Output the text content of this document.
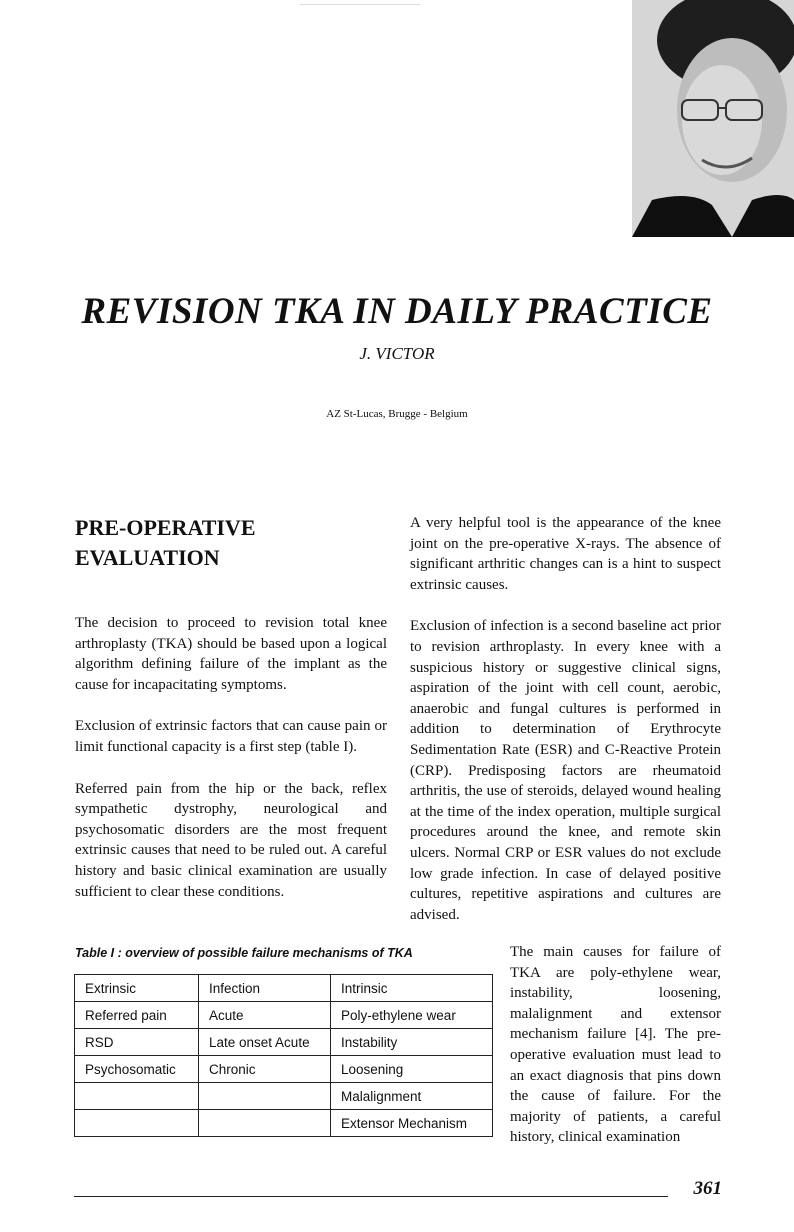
REVISION TKA IN DAILY PRACTICE
J. VICTOR
AZ St-Lucas, Brugge - Belgium
PRE-OPERATIVE
EVALUATION

The decision to proceed to revision total knee arthroplasty (TKA) should be based upon a logical algorithm defining failure of the implant as the cause for incapacitating symptoms.

Exclusion of extrinsic factors that can cause pain or limit functional capacity is a first step (table I).

Referred pain from the hip or the back, reflex sympathetic dystrophy, neurological and psychosomatic disorders are the most frequent extrinsic causes that need to be ruled out. A careful history and basic clinical examination are usually sufficient to clear these conditions.

A very helpful tool is the appearance of the knee joint on the pre-operative X-rays. The absence of significant arthritic changes can is a hint to suspect extrinsic causes.

Exclusion of infection is a second baseline act prior to revision arthroplasty. In every knee with a suspicious history or suggestive clinical signs, aspiration of the joint with cell count, aerobic, anaerobic and fungal cultures is performed in addition to determination of Erythrocyte Sedimentation Rate (ESR) and C-Reactive Protein (CRP). Predisposing factors are rheumatoid arthritis, the use of steroids, delayed wound healing at the time of the index operation, multiple surgical procedures around the knee, and remote skin ulcers. Normal CRP or ESR values do not exclude low grade infection. In case of delayed positive cultures, repetitive aspirations and cultures are advised.

Table I : overview of possible failure mechanisms of TKA
Extrinsic	Infection	Intrinsic
Referred pain	Acute	Poly-ethylene wear
RSD	Late onset Acute	Instability
Psychosomatic	Chronic	Loosening
		Malalignment
		Extensor Mechanism

The main causes for failure of TKA are poly-ethylene wear, instability, loosening, malalignment and extensor mechanism failure [4]. The pre-operative evaluation must lead to an exact diagnosis that pins down the cause of failure. For the majority of patients, a careful history, clinical examination

361
